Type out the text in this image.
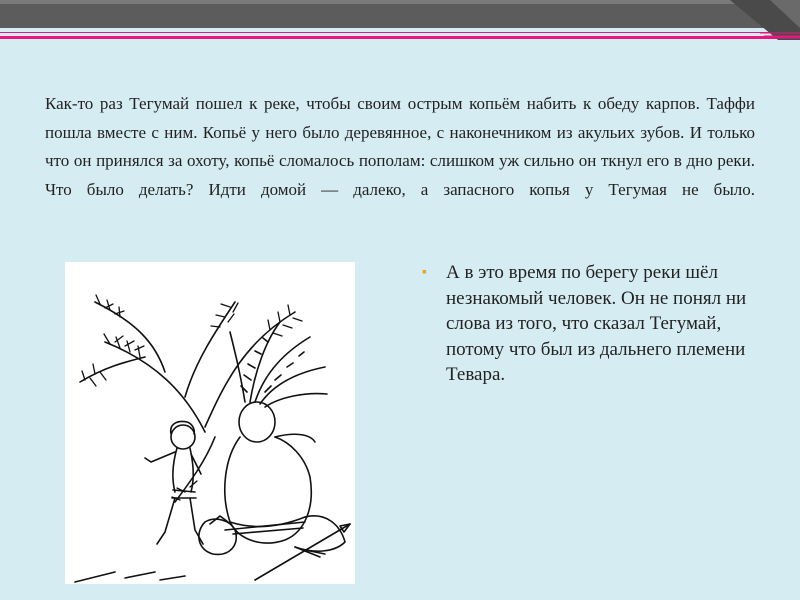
Как-то раз Тегумай пошел к реке, чтобы своим острым копьём набить к обеду карпов. Таффи пошла вместе с ним. Копьё у него было деревянное, с наконечником из акульих зубов. И только что он принялся за охоту, копьё сломалось пополам: слишком уж сильно он ткнул его в дно реки. Что было делать? Идти домой — далеко, а запасного копья у Тегумая не было.
▪ А в это время по берегу реки шёл незнакомый человек. Он не понял ни слова из того, что сказал Тегумай, потому что был из дальнего племени Тевара.
